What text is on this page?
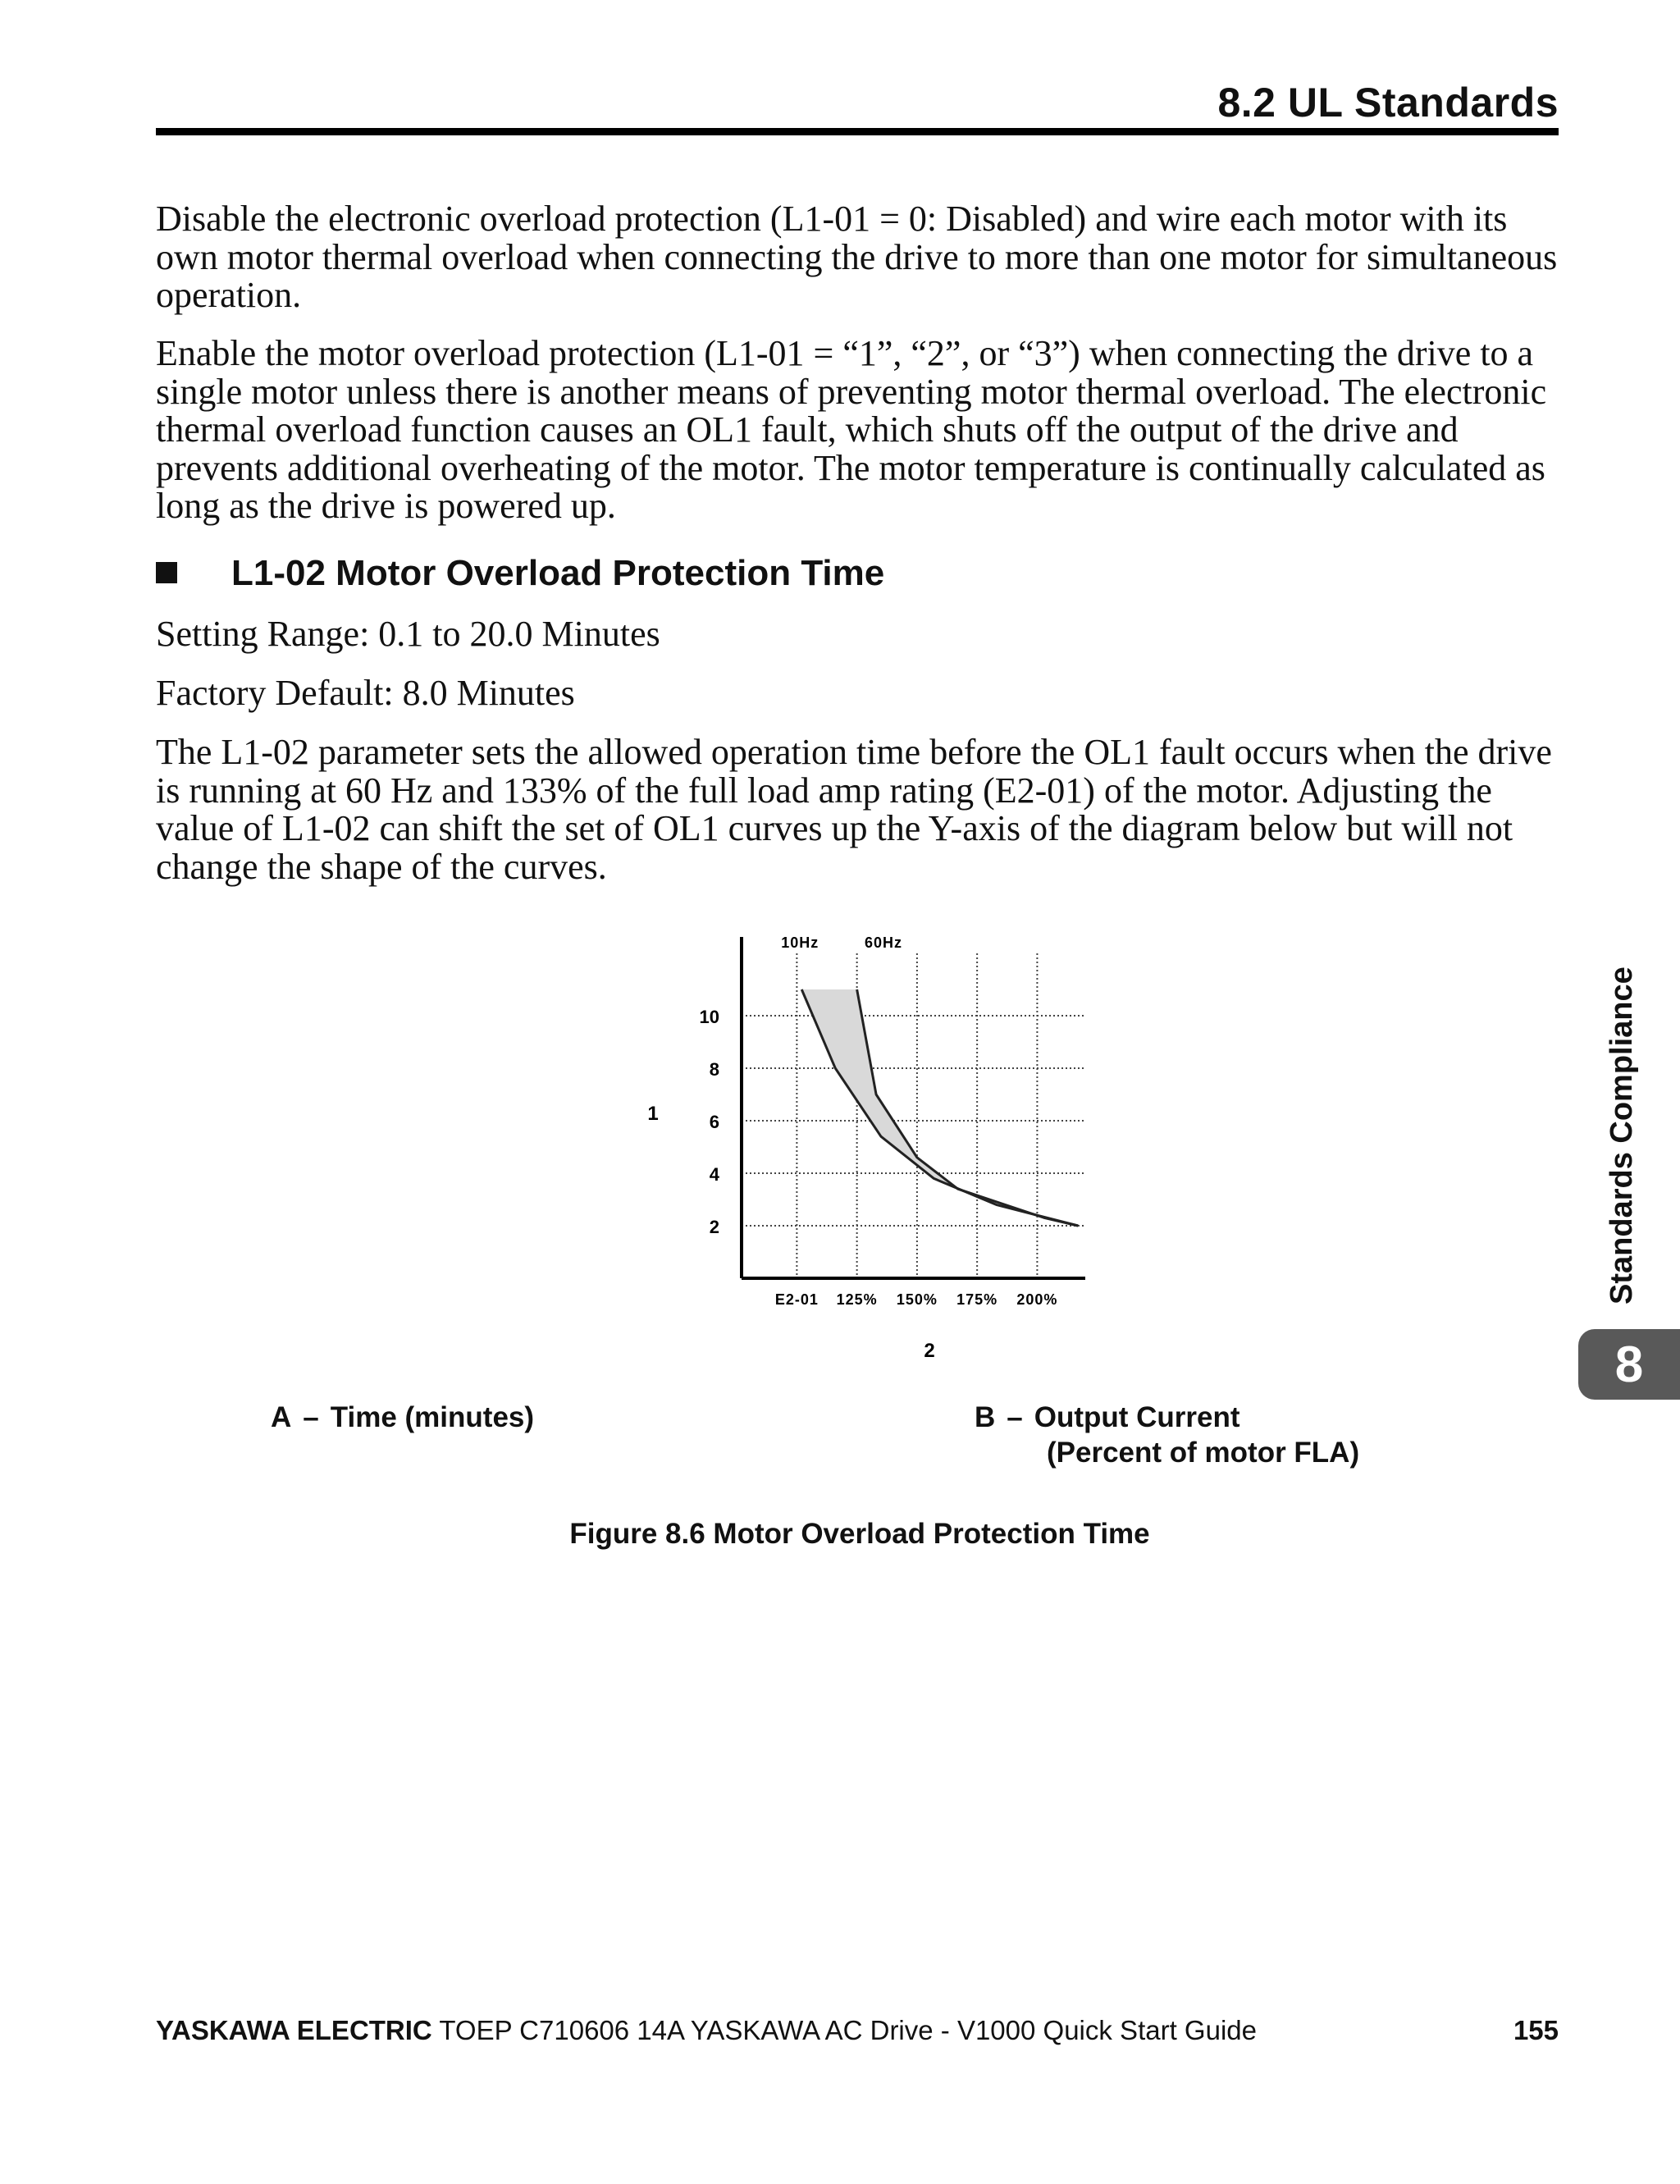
8.2 UL Standards

Disable the electronic overload protection (L1-01 = 0: Disabled) and wire each motor with its own motor thermal overload when connecting the drive to more than one motor for simultaneous operation.

Enable the motor overload protection (L1-01 = “1”, “2”, or “3”) when connecting the drive to a single motor unless there is another means of preventing motor thermal overload. The electronic thermal overload function causes an OL1 fault, which shuts off the output of the drive and prevents additional overheating of the motor. The motor temperature is continually calculated as long as the drive is powered up.

L1-02 Motor Overload Protection Time

Setting Range: 0.1 to 20.0 Minutes

Factory Default: 8.0 Minutes

The L1-02 parameter sets the allowed operation time before the OL1 fault occurs when the drive is running at 60 Hz and 133% of the full load amp rating (E2-01) of the motor. Adjusting the value of L1-02 can shift the set of OL1 curves up the Y-axis of the diagram below but will not change the shape of the curves.

2
4
6
8
10
E2-01 125% 150% 175% 200%
10Hz	60Hz
1
2
A – Time (minutes)	B – Output Current
(Percent of motor FLA)

Figure 8.6 Motor Overload Protection Time

Standards Compliance
8
YASKAWA ELECTRIC TOEP C710606 14A YASKAWA AC Drive - V1000 Quick Start Guide	155
